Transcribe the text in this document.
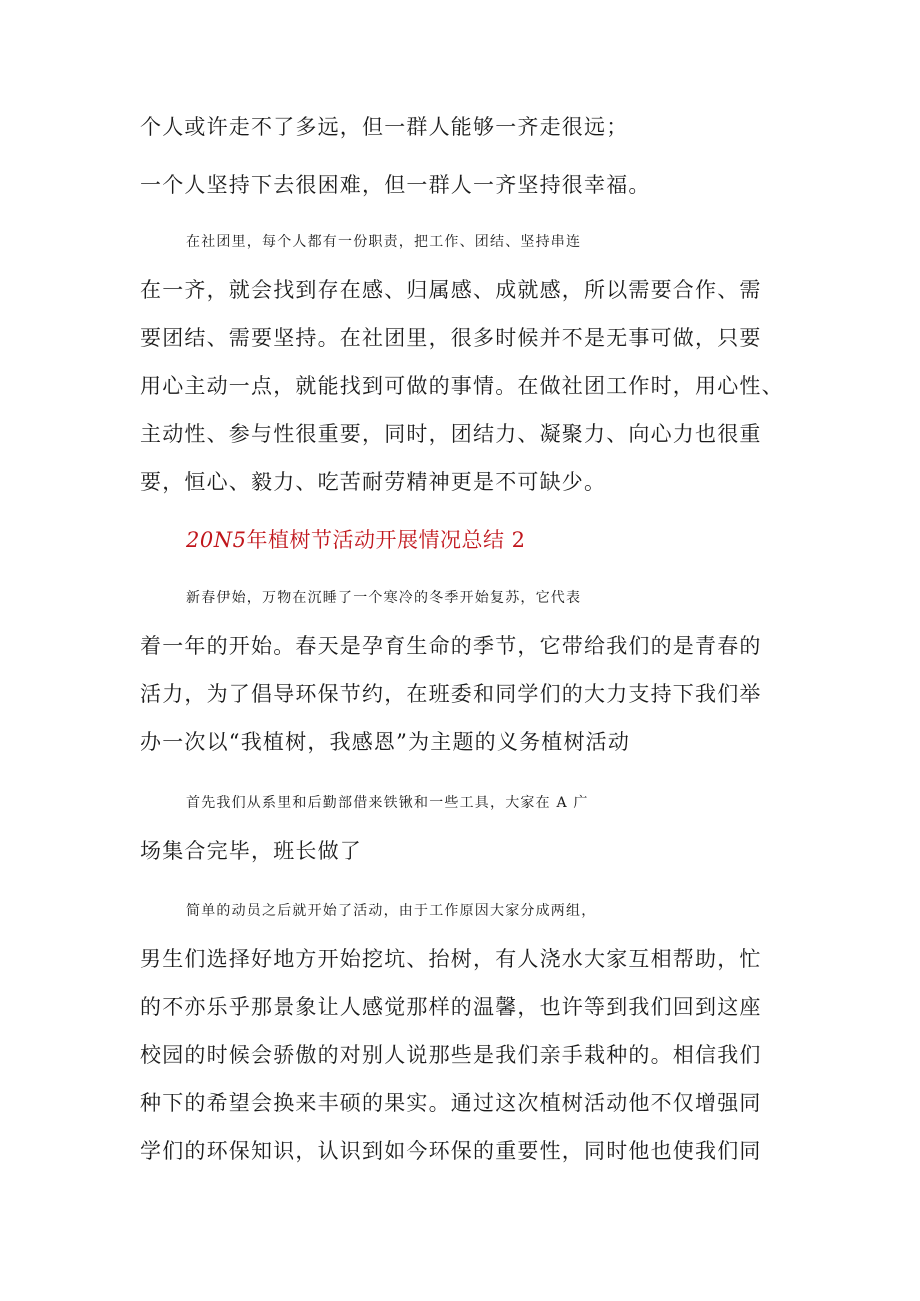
个人或许走不了多远，但一群人能够一齐走很远；
一个人坚持下去很困难，但一群人一齐坚持很幸福。
在社团里，每个人都有一份职责，把工作、团结、坚持串连
在一齐，就会找到存在感、归属感、成就感，所以需要合作、需
要团结、需要坚持。在社团里，很多时候并不是无事可做，只要
用心主动一点，就能找到可做的事情。在做社团工作时，用心性、
主动性、参与性很重要，同时，团结力、凝聚力、向心力也很重
要，恒心、毅力、吃苦耐劳精神更是不可缺少。
20N5年植树节活动开展情况总结 2
新春伊始，万物在沉睡了一个寒冷的冬季开始复苏，它代表
着一年的开始。春天是孕育生命的季节，它带给我们的是青春的
活力，为了倡导环保节约，在班委和同学们的大力支持下我们举
办一次以“我植树，我感恩”为主题的义务植树活动
首先我们从系里和后勤部借来铁锹和一些工具，大家在 A 广
场集合完毕，班长做了
简单的动员之后就开始了活动，由于工作原因大家分成两组，
男生们选择好地方开始挖坑、抬树，有人浇水大家互相帮助，忙
的不亦乐乎那景象让人感觉那样的温馨，也许等到我们回到这座
校园的时候会骄傲的对别人说那些是我们亲手栽种的。相信我们
种下的希望会换来丰硕的果实。通过这次植树活动他不仅增强同
学们的环保知识，认识到如今环保的重要性，同时他也使我们同
